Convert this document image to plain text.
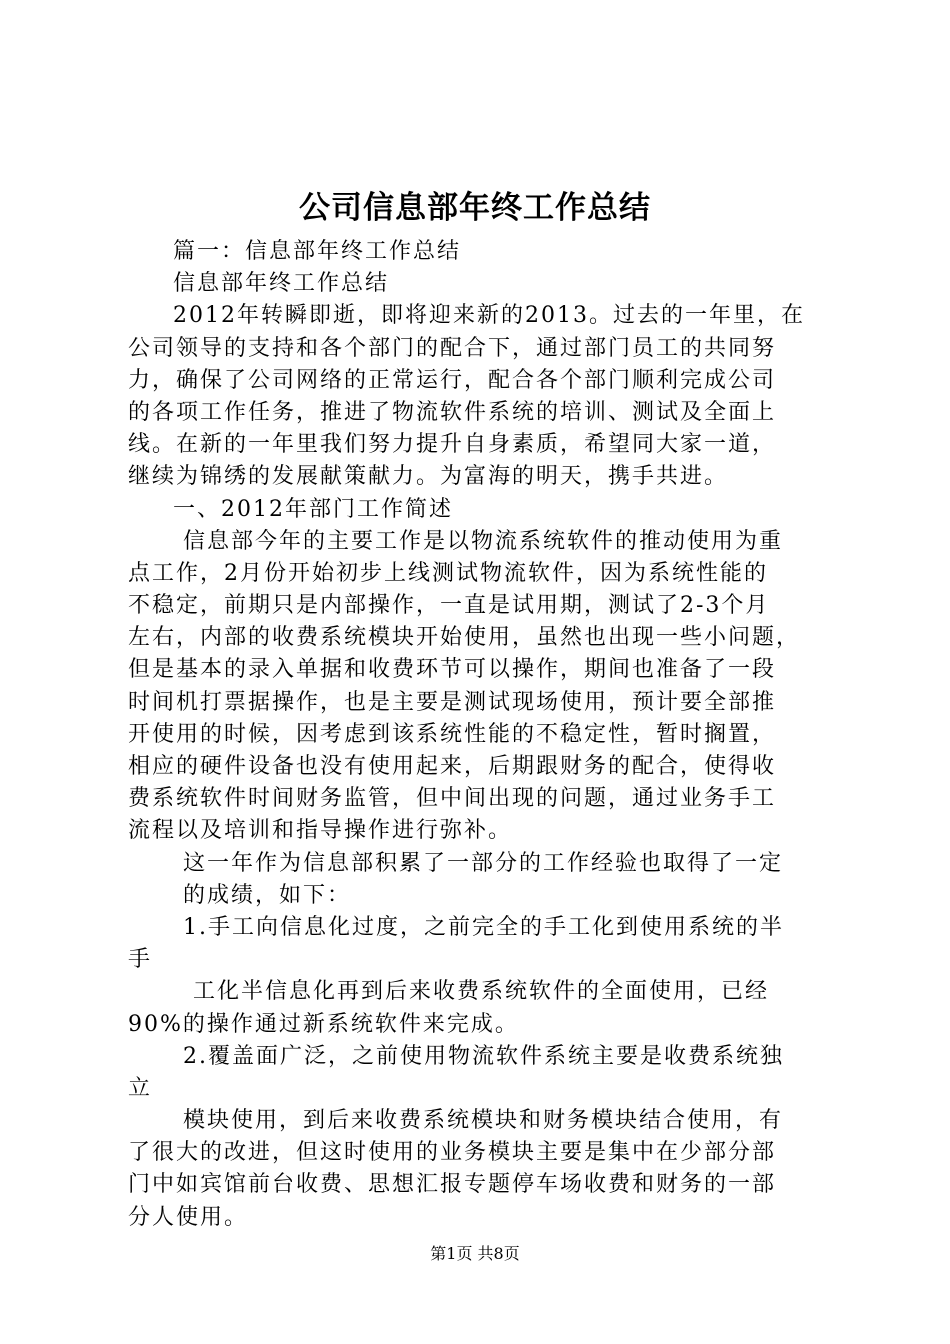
公司信息部年终工作总结

篇一：信息部年终工作总结

信息部年终工作总结

2012年转瞬即逝，即将迎来新的2013。过去的一年里，在

公司领导的支持和各个部门的配合下，通过部门员工的共同努

力，确保了公司网络的正常运行，配合各个部门顺利完成公司

的各项工作任务，推进了物流软件系统的培训、测试及全面上

线。在新的一年里我们努力提升自身素质，希望同大家一道，

继续为锦绣的发展献策献力。为富海的明天，携手共进。

一、2012年部门工作简述

信息部今年的主要工作是以物流系统软件的推动使用为重

点工作，2月份开始初步上线测试物流软件，因为系统性能的

不稳定，前期只是内部操作，一直是试用期，测试了2-3个月

左右，内部的收费系统模块开始使用，虽然也出现一些小问题，

但是基本的录入单据和收费环节可以操作，期间也准备了一段

时间机打票据操作，也是主要是测试现场使用，预计要全部推

开使用的时候，因考虑到该系统性能的不稳定性，暂时搁置，

相应的硬件设备也没有使用起来，后期跟财务的配合，使得收

费系统软件时间财务监管，但中间出现的问题，通过业务手工

流程以及培训和指导操作进行弥补。

这一年作为信息部积累了一部分的工作经验也取得了一定

的成绩，如下：

1.手工向信息化过度，之前完全的手工化到使用系统的半

手

工化半信息化再到后来收费系统软件的全面使用，已经

90%的操作通过新系统软件来完成。

2.覆盖面广泛，之前使用物流软件系统主要是收费系统独

立

模块使用，到后来收费系统模块和财务模块结合使用，有

了很大的改进，但这时使用的业务模块主要是集中在少部分部

门中如宾馆前台收费、思想汇报专题停车场收费和财务的一部

分人使用。

第1页 共8页
